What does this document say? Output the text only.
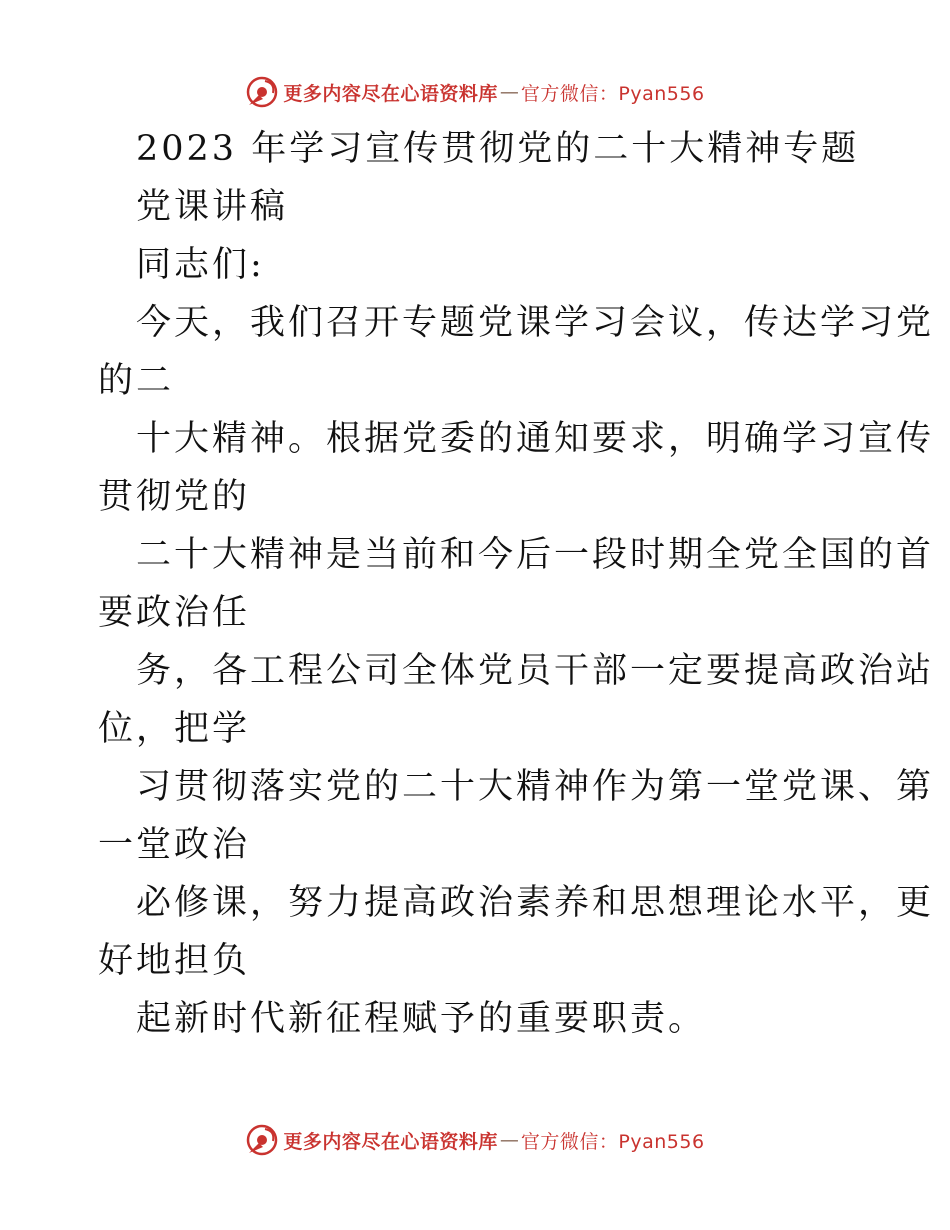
更多内容尽在心语资料库 — 官方微信：Pyan556
2023 年学习宣传贯彻党的二十大精神专题
党课讲稿
同志们:
今天，我们召开专题党课学习会议，传达学习党
的二
十大精神。根据党委的通知要求，明确学习宣传
贯彻党的
二十大精神是当前和今后一段时期全党全国的首
要政治任
务，各工程公司全体党员干部一定要提高政治站
位，把学
习贯彻落实党的二十大精神作为第一堂党课、第
一堂政治
必修课，努力提高政治素养和思想理论水平，更
好地担负
起新时代新征程赋予的重要职责。
更多内容尽在心语资料库 — 官方微信：Pyan556
